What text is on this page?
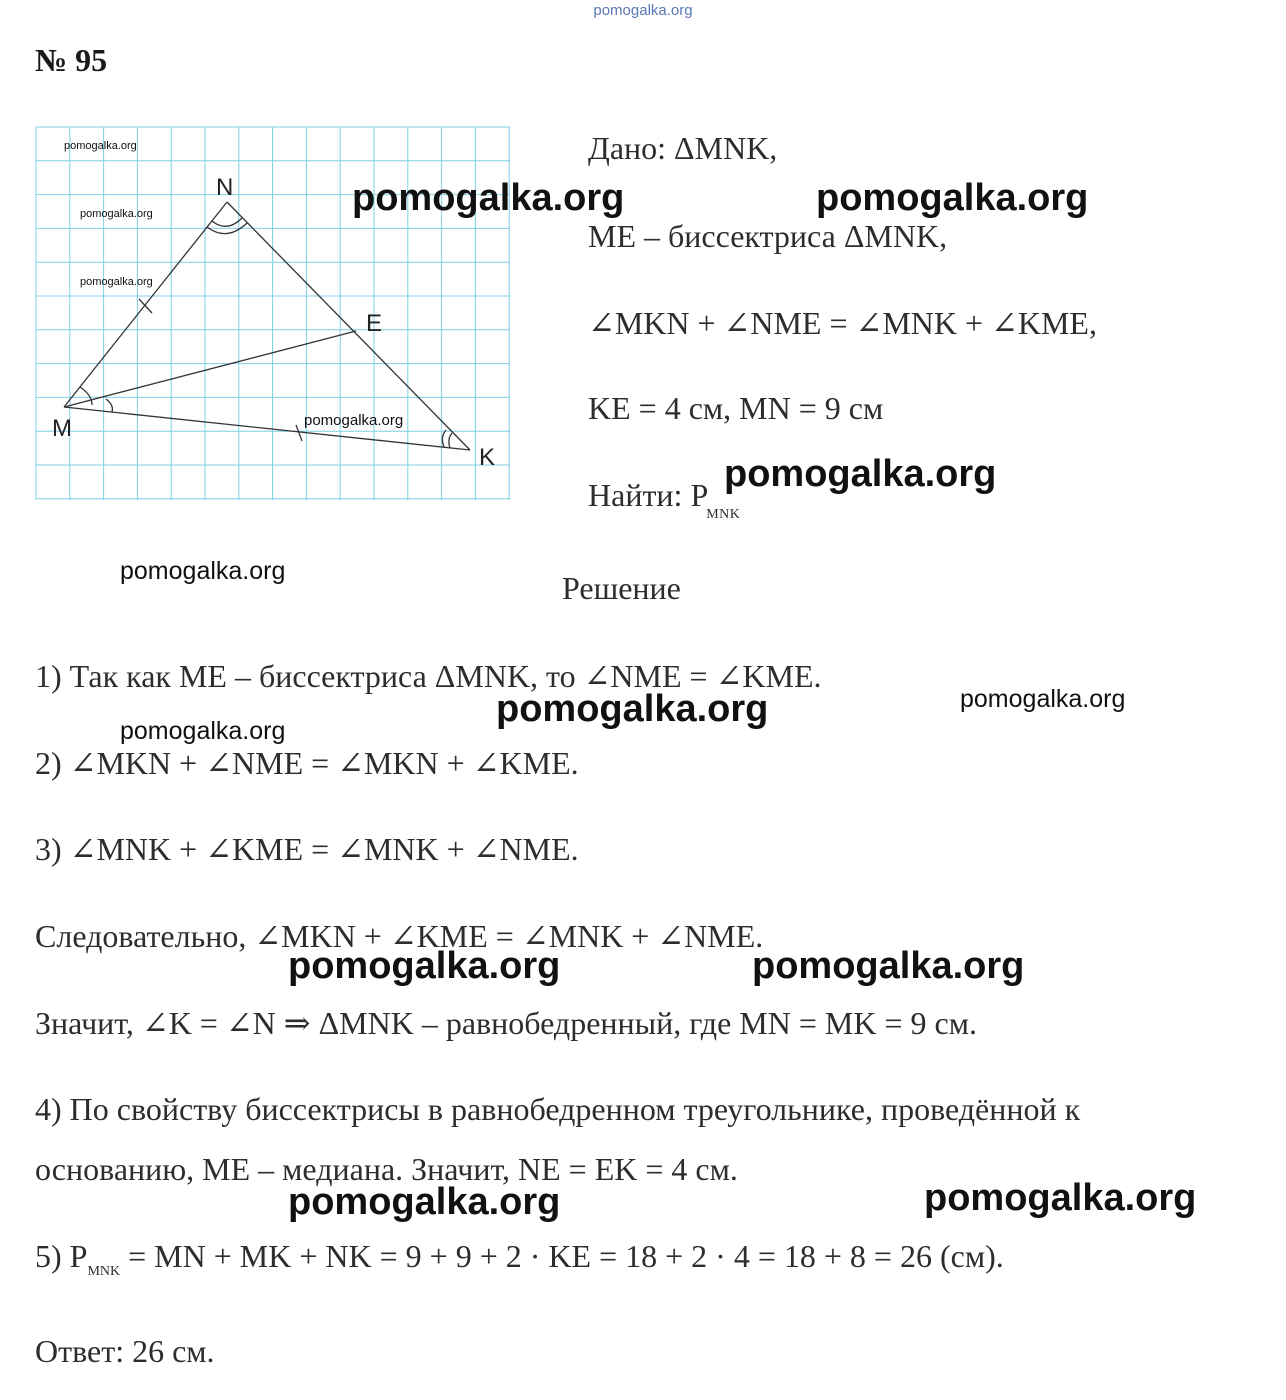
pomogalka.org
№ 95
N
E
M
K
pomogalka.org
pomogalka.org
pomogalka.org
pomogalka.org
Дано: ΔMNK,
ME – биссектриса ΔMNK,
∠MKN + ∠NME = ∠MNK + ∠KME,
KE = 4 см, MN = 9 см
Найти: $P_{MNK}$
Решение
1) Так как ME – биссектриса ΔMNK, то ∠NME = ∠KME.
2) ∠MKN + ∠NME = ∠MKN + ∠KME.
3) ∠MNK + ∠KME = ∠MNK + ∠NME.
Следовательно, ∠MKN + ∠KME = ∠MNK + ∠NME.
Значит, ∠K = ∠N ⇒ ΔMNK – равнобедренный, где MN = MK = 9 см.
4) По свойству биссектрисы в равнобедренном треугольнике, проведённой к
основанию, ME – медиана. Значит, NE = EK = 4 см.
5) $P_{MNK}$ = MN + MK + NK = 9 + 9 + 2 · KE = 18 + 2 · 4 = 18 + 8 = 26 (см).
Ответ: 26 см.
pomogalka.org	pomogalka.org
pomogalka.org
pomogalka.org
pomogalka.org	pomogalka.org
pomogalka.org	pomogalka.org
pomogalka.org
pomogalka.org
pomogalka.org
